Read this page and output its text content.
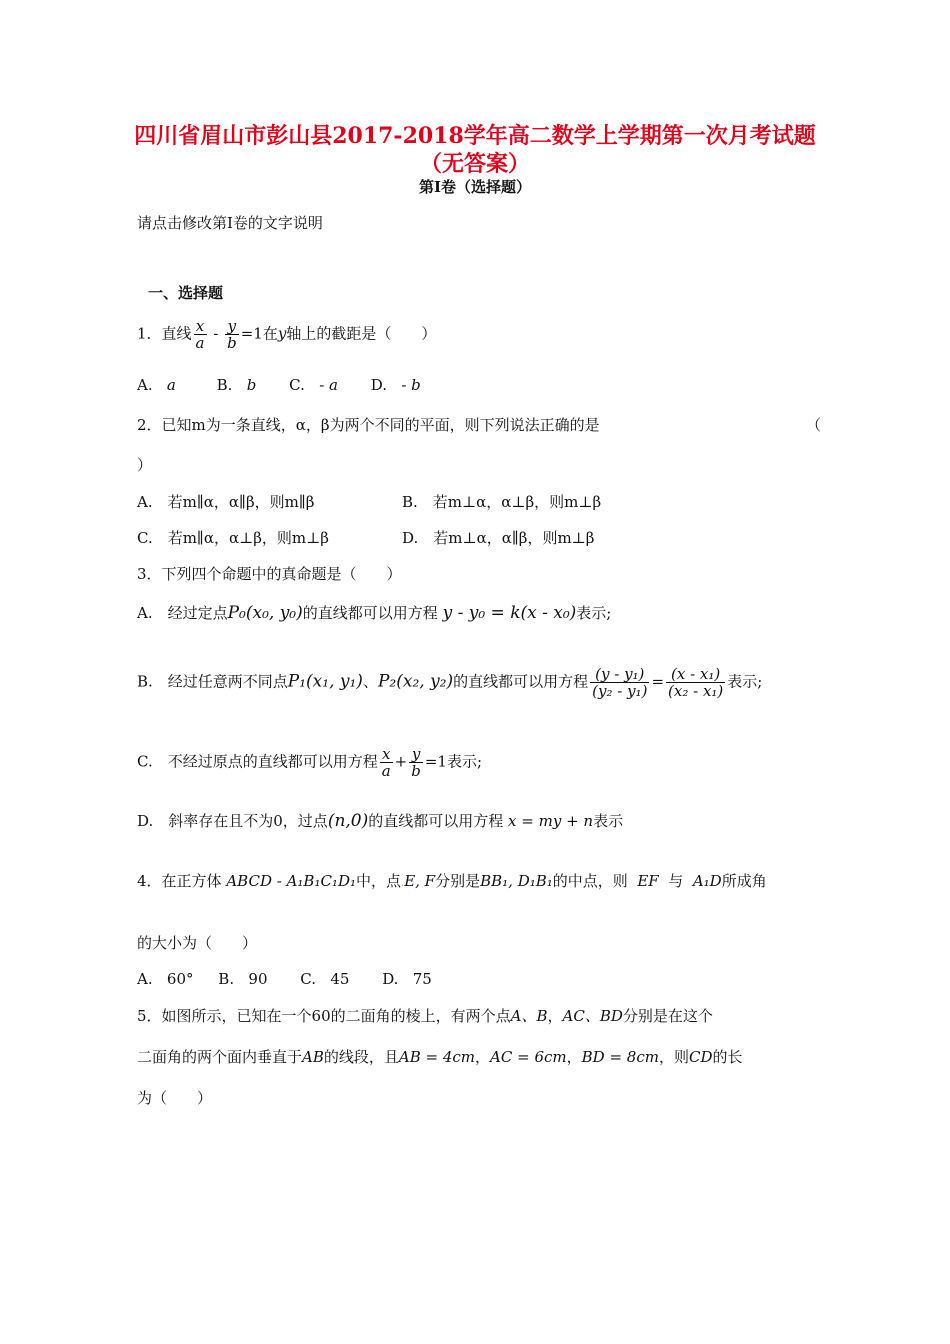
四川省眉山市彭山县2017-2018学年高二数学上学期第一次月考试题
（无答案）
第Ⅰ卷（选择题）
请点击修改第Ⅰ卷的文字说明
一、选择题
1．直线 $\frac{x}{a} - \frac{y}{b} =1$在y轴上的截距是（　　）
A. a	B. b C. - a D. - b
2．已知m为一条直线，α，β为两个不同的平面，则下列说法正确的是	（
）
A.　若m∥α，α∥β，则m∥β	B.　若m⊥α，α⊥β，则m⊥β
C.　若m∥α，α⊥β，则m⊥β	D.　若m⊥α，α∥β，则m⊥β
3．下列四个命题中的真命题是（　　）
A.　经过定点P₀(x₀, y₀)的直线都可以用方程 y - y₀ = k(x - x₀)表示;
B.　经过任意两不同点P₁(x₁, y₁)、P₂(x₂, y₂)的直线都可以用方程 $\frac{\text{(y - y₁)}}{\text{(y₂ - y₁)}} = \frac{\text{(x - x₁)}}{\text{(x₂ - x₁)}}$ 表示;
C.　不经过原点的直线都可以用方程 $\frac{x}{a} + \frac{y}{b} =1$表示;
D.　斜率存在且不为0，过点(n,0)的直线都可以用方程 x = my + n表示
4．在正方体 ABCD - A₁B₁C₁D₁中，点.E, F分别是BB₁, D₁B₁的中点，则 EF 与 A₁D所成角
的大小为（　　）
A. 60° B. 90 C. 45 D. 75
5．如图所示，已知在一个60的二面角的棱上，有两个点A、B，AC、BD分别是在这个
二面角的两个面内垂直于AB的线段，且AB = 4cm，AC = 6cm，BD = 8cm，则CD的长
为（　　）
